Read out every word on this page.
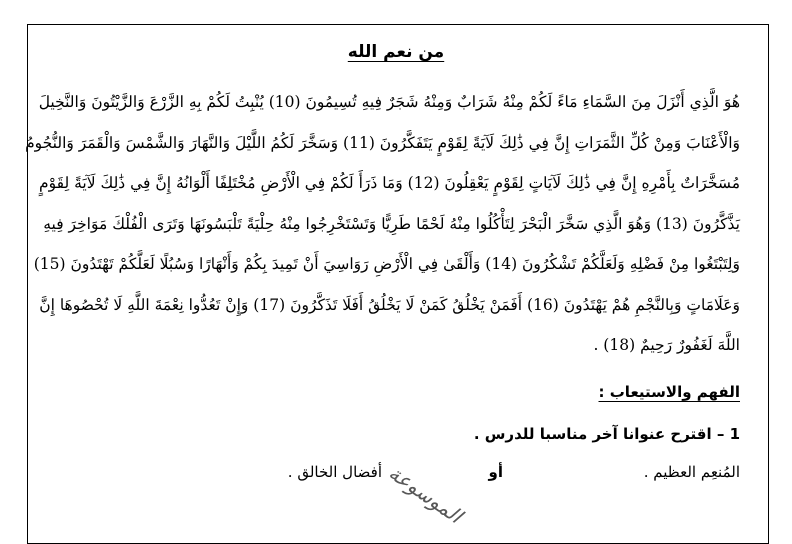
من نعم الله
هُوَ الَّذِي أَنْزَلَ مِنَ السَّمَاءِ مَاءً لَكُمْ مِنْهُ شَرَابٌ وَمِنْهُ شَجَرٌ فِيهِ تُسِيمُونَ (10) يُنْبِتُ لَكُمْ بِهِ الزَّرْعَ وَالزَّيْتُونَ وَالنَّخِيلَ
وَالْأَعْنَابَ وَمِنْ كُلِّ الثَّمَرَاتِ إِنَّ فِي ذَٰلِكَ لَآيَةً لِقَوْمٍ يَتَفَكَّرُونَ (11) وَسَخَّرَ لَكُمُ اللَّيْلَ وَالنَّهَارَ وَالشَّمْسَ وَالْقَمَرَ وَالنُّجُومُ
مُسَخَّرَاتٌ بِأَمْرِهِ إِنَّ فِي ذَٰلِكَ لَآيَاتٍ لِقَوْمٍ يَعْقِلُونَ (12) وَمَا ذَرَأَ لَكُمْ فِي الْأَرْضِ مُخْتَلِفًا أَلْوَانُهُ إِنَّ فِي ذَٰلِكَ لَآيَةً لِقَوْمٍ
يَذَّكَّرُونَ (13) وَهُوَ الَّذِي سَخَّرَ الْبَحْرَ لِتَأْكُلُوا مِنْهُ لَحْمًا طَرِيًّا وَتَسْتَخْرِجُوا مِنْهُ حِلْيَةً تَلْبَسُونَهَا وَتَرَى الْفُلْكَ مَوَاخِرَ فِيهِ
وَلِتَبْتَغُوا مِنْ فَضْلِهِ وَلَعَلَّكُمْ تَشْكُرُونَ (14) وَأَلْقَىٰ فِي الْأَرْضِ رَوَاسِيَ أَنْ تَمِيدَ بِكُمْ وَأَنْهَارًا وَسُبُلًا لَعَلَّكُمْ تَهْتَدُونَ (15)
وَعَلَامَاتٍ وَبِالنَّجْمِ هُمْ يَهْتَدُونَ (16) أَفَمَنْ يَخْلُقُ كَمَنْ لَا يَخْلُقُ أَفَلَا تَذَكَّرُونَ (17) وَإِنْ تَعُدُّوا نِعْمَةَ اللَّهِ لَا تُحْصُوهَا إِنَّ
اللَّهَ لَغَفُورٌ رَحِيمٌ (18) .
الفهم والاستيعاب :
1 – اقترح عنوانا آخر مناسبا للدرس .
المُنعِم العظيم .
أو
أفضال الخالق . الموسوعة
